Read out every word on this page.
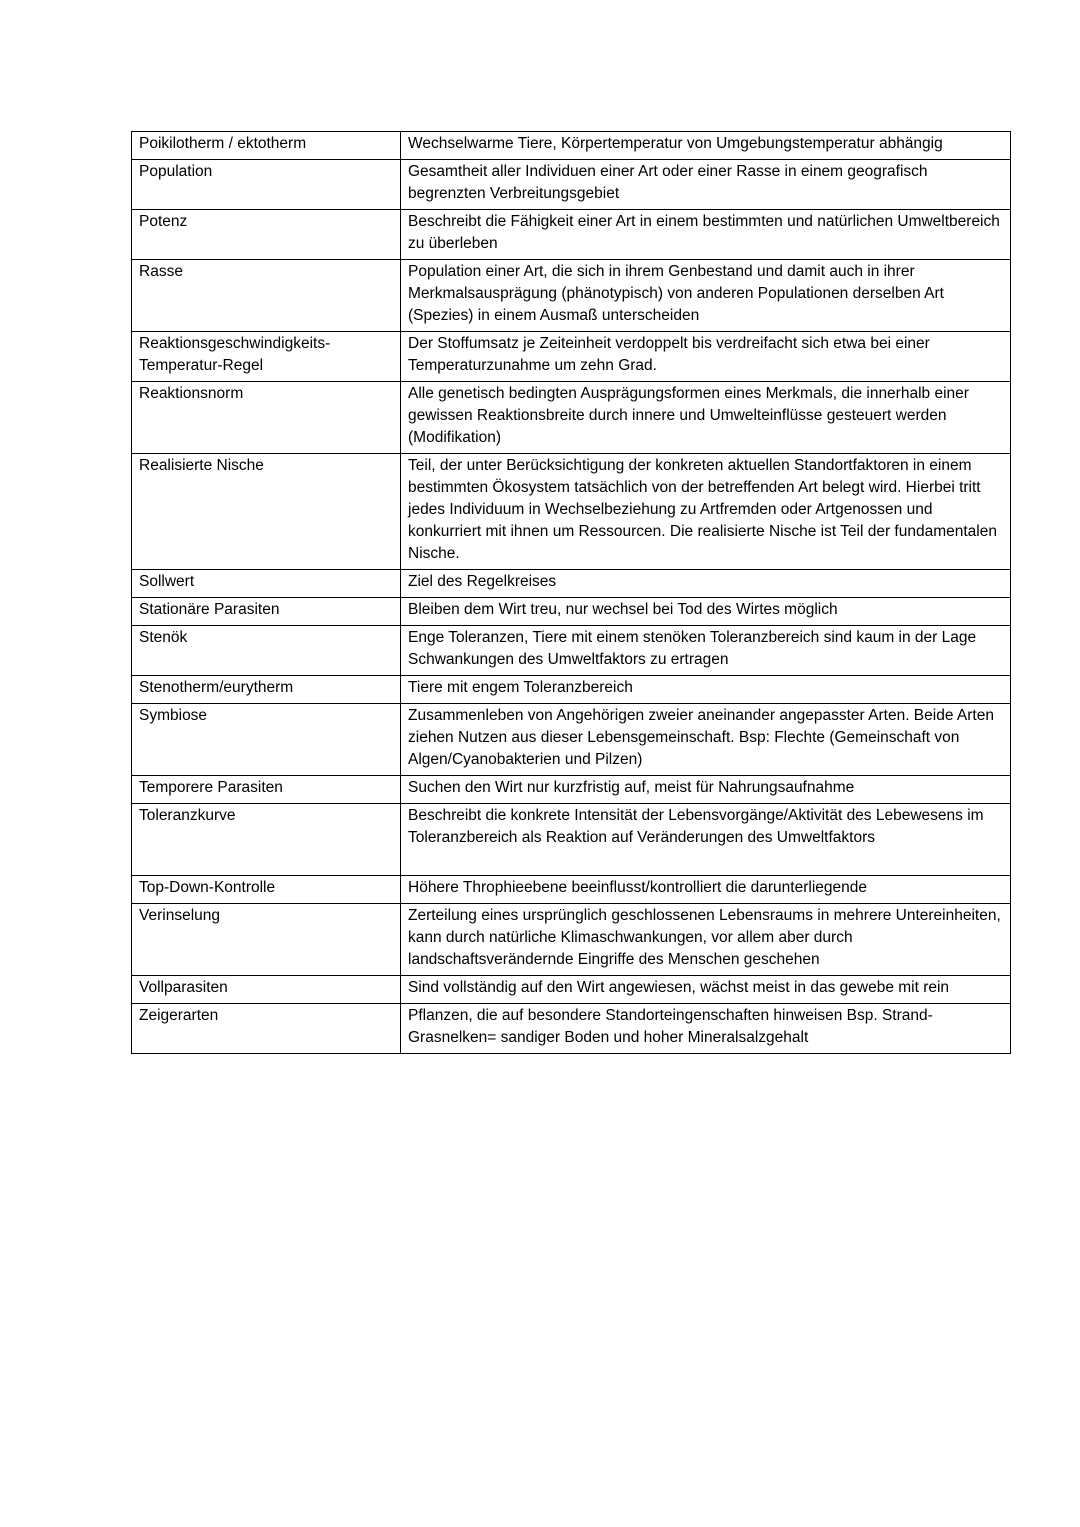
Poikilotherm / ektotherm	Wechselwarme Tiere, Körpertemperatur von Umgebungstemperatur abhängig
Population	Gesamtheit aller Individuen einer Art oder einer Rasse in einem geografisch begrenzten Verbreitungsgebiet
Potenz	Beschreibt die Fähigkeit einer Art in einem bestimmten und natürlichen Umweltbereich zu überleben
Rasse	Population einer Art, die sich in ihrem Genbestand und damit auch in ihrer Merkmalsausprägung (phänotypisch) von anderen Populationen derselben Art (Spezies) in einem Ausmaß unterscheiden
Reaktionsgeschwindigkeits-Temperatur-Regel	Der Stoffumsatz je Zeiteinheit verdoppelt bis verdreifacht sich etwa bei einer Temperaturzunahme um zehn Grad.
Reaktionsnorm	Alle genetisch bedingten Ausprägungsformen eines Merkmals, die innerhalb einer gewissen Reaktionsbreite durch innere und Umwelteinflüsse gesteuert werden (Modifikation)
Realisierte Nische	Teil, der unter Berücksichtigung der konkreten aktuellen Standortfaktoren in einem bestimmten Ökosystem tatsächlich von der betreffenden Art belegt wird. Hierbei tritt jedes Individuum in Wechselbeziehung zu Artfremden oder Artgenossen und konkurriert mit ihnen um Ressourcen. Die realisierte Nische ist Teil der fundamentalen Nische.
Sollwert	Ziel des Regelkreises
Stationäre Parasiten	Bleiben dem Wirt treu, nur wechsel bei Tod des Wirtes möglich
Stenök	Enge Toleranzen, Tiere mit einem stenöken Toleranzbereich sind kaum in der Lage Schwankungen des Umweltfaktors zu ertragen
Stenotherm/eurytherm	Tiere mit engem Toleranzbereich
Symbiose	Zusammenleben von Angehörigen zweier aneinander angepasster Arten. Beide Arten ziehen Nutzen aus dieser Lebensgemeinschaft. Bsp: Flechte (Gemeinschaft von Algen/Cyanobakterien und Pilzen)
Temporere Parasiten	Suchen den Wirt nur kurzfristig auf, meist für Nahrungsaufnahme
Toleranzkurve	Beschreibt die konkrete Intensität der Lebensvorgänge/Aktivität des Lebewesens im Toleranzbereich als Reaktion auf Veränderungen des Umweltfaktors
Top-Down-Kontrolle	Höhere Throphieebene beeinflusst/kontrolliert die darunterliegende
Verinselung	Zerteilung eines ursprünglich geschlossenen Lebensraums in mehrere Untereinheiten, kann durch natürliche Klimaschwankungen, vor allem aber durch landschaftsverändernde Eingriffe des Menschen geschehen
Vollparasiten	Sind vollständig auf den Wirt angewiesen, wächst meist in das gewebe mit rein
Zeigerarten	Pflanzen, die auf besondere Standorteingenschaften hinweisen Bsp. Strand-Grasnelken= sandiger Boden und hoher Mineralsalzgehalt
